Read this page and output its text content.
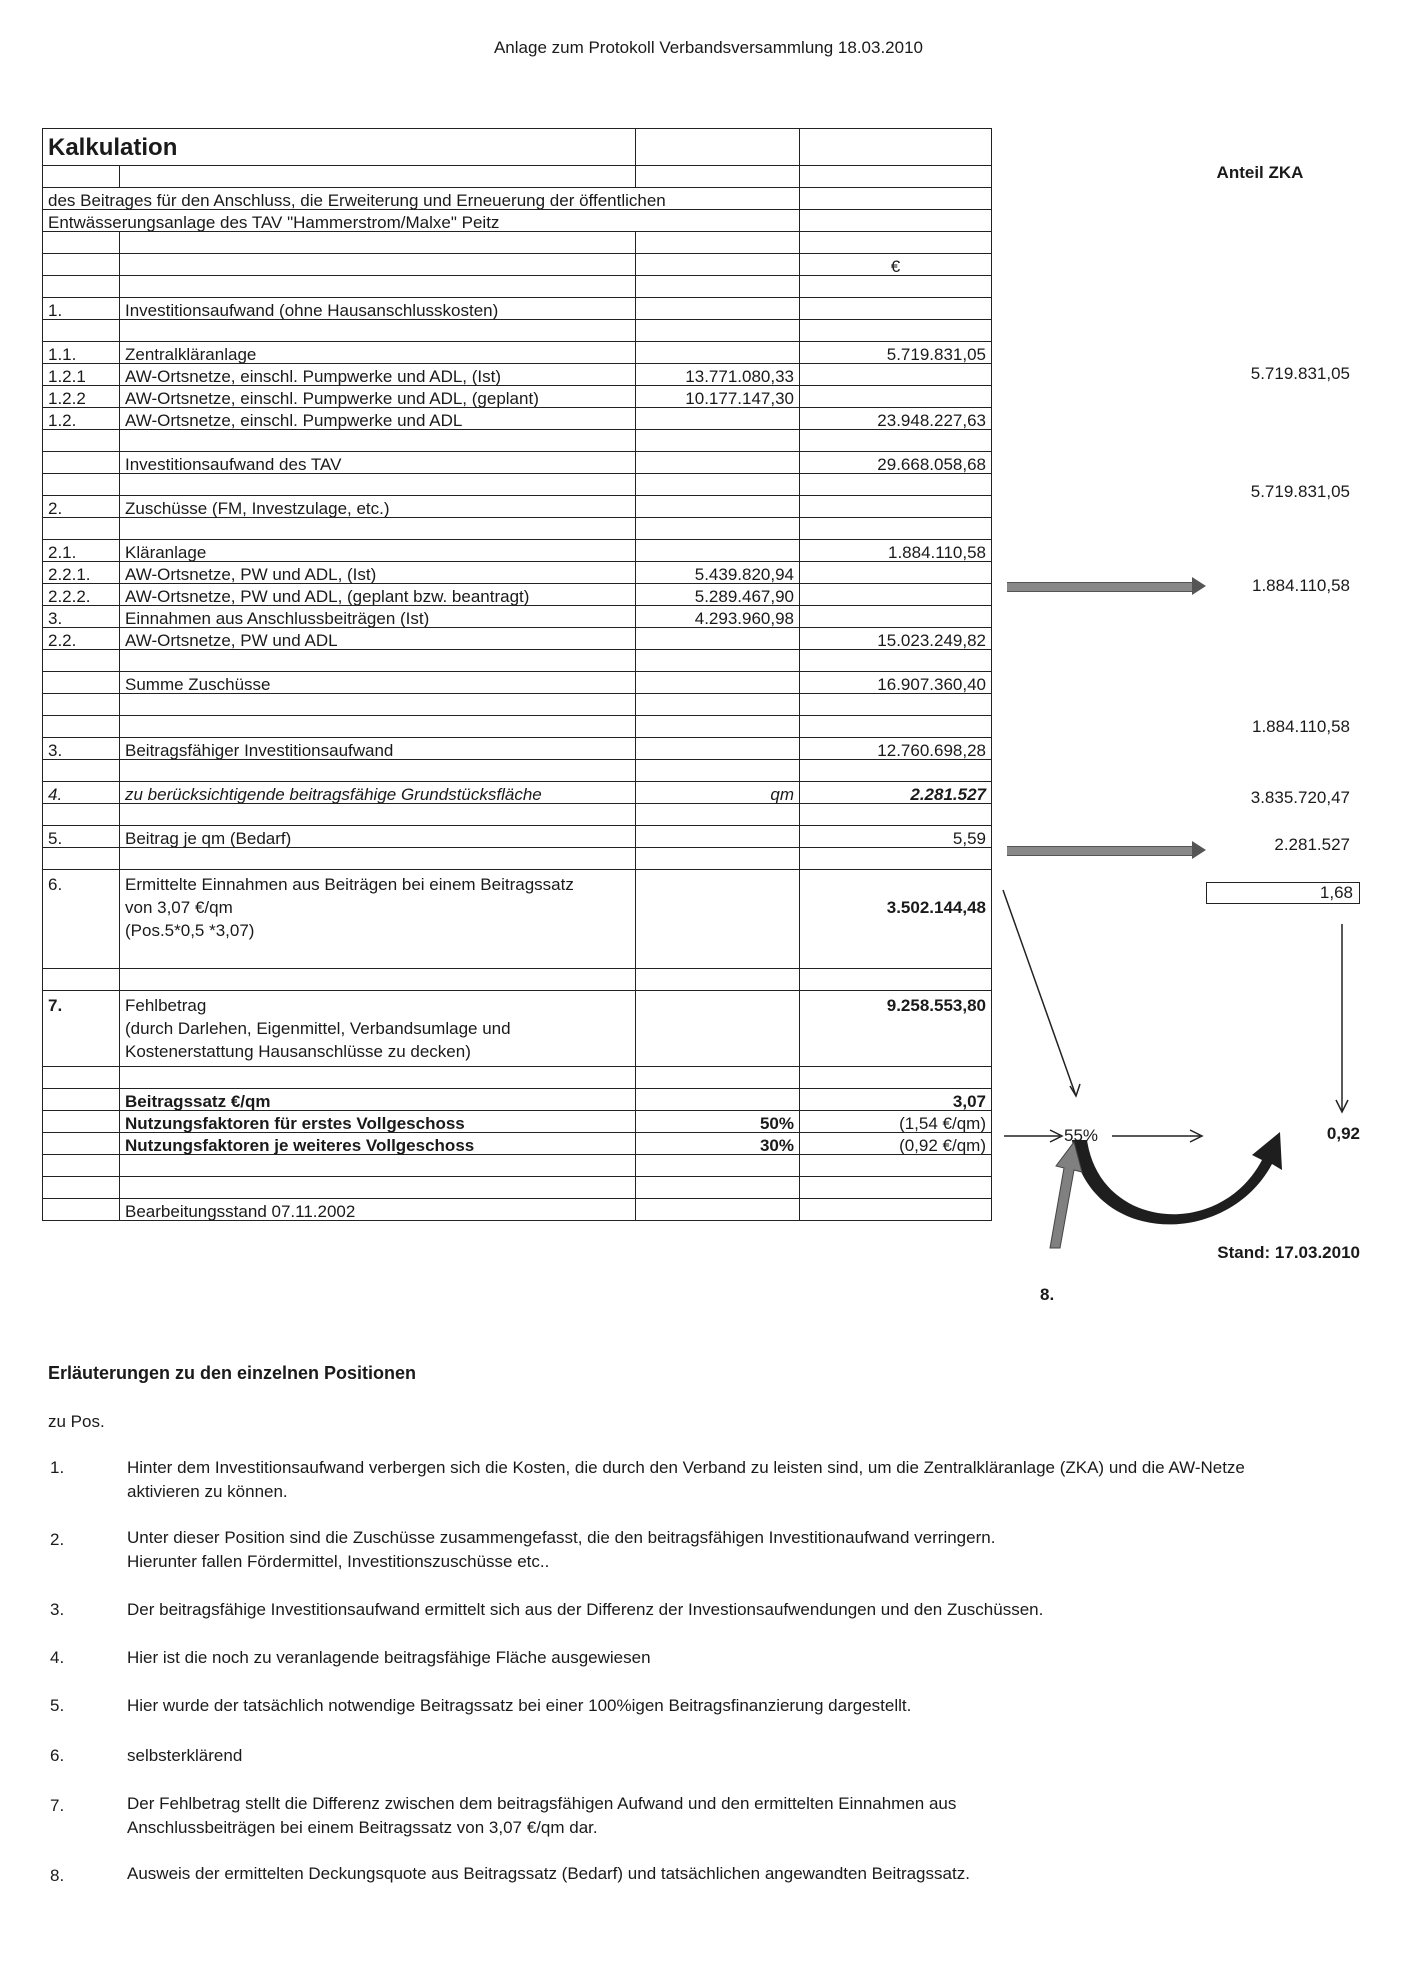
Anlage zum Protokoll Verbandsversammlung 18.03.2010
Kalkulation			

des Beitrages für den Anschluss, die Erweiterung und Erneuerung der öffentlichen			
Entwässerungsanlage des TAV "Hammerstrom/Malxe" Peitz			

			€

1.	Investitionsaufwand (ohne Hausanschlusskosten)		

1.1.	Zentralkläranlage		5.719.831,05
1.2.1	AW-Ortsnetze, einschl. Pumpwerke und ADL, (Ist)	13.771.080,33	
1.2.2	AW-Ortsnetze, einschl. Pumpwerke und ADL, (geplant)	10.177.147,30	
1.2.	AW-Ortsnetze, einschl. Pumpwerke und ADL		23.948.227,63

	Investitionsaufwand des TAV		29.668.058,68

2.	Zuschüsse (FM, Investzulage, etc.)		

2.1.	Kläranlage		1.884.110,58
2.2.1.	AW-Ortsnetze, PW und ADL, (Ist)	5.439.820,94	
2.2.2.	AW-Ortsnetze, PW und ADL, (geplant bzw. beantragt)	5.289.467,90	
3.	Einnahmen aus Anschlussbeiträgen (Ist)	4.293.960,98	
2.2.	AW-Ortsnetze, PW und ADL		15.023.249,82

	Summe Zuschüsse		16.907.360,40

3.	Beitragsfähiger Investitionsaufwand		12.760.698,28

4.	zu berücksichtigende beitragsfähige Grundstücksfläche	qm	2.281.527

5.	Beitrag je qm (Bedarf)		5,59

6.	Ermittelte Einnahmen aus Beiträgen bei einem Beitragssatz
von 3,07 €/qm
(Pos.5*0,5 *3,07)		3.502.144,48

7.	Fehlbetrag
(durch Darlehen, Eigenmittel, Verbandsumlage und
Kostenerstattung Hausanschlüsse zu decken)		9.258.553,80

	Beitragssatz €/qm		3,07
	Nutzungsfaktoren für erstes Vollgeschoss	50%	(1,54 €/qm)
	Nutzungsfaktoren je weiteres Vollgeschoss	30%	(0,92 €/qm)

	Bearbeitungsstand 07.11.2002		
Anteil ZKA
5.719.831,05
5.719.831,05
1.884.110,58
1.884.110,58
3.835.720,47
2.281.527
1,68
55%	0,92
Stand: 17.03.2010
8.
Erläuterungen zu den einzelnen Positionen
zu Pos.
1.	Hinter dem Investitionsaufwand verbergen sich die Kosten, die durch den Verband zu leisten sind, um die Zentralkläranlage (ZKA) und die AW-Netze aktivieren zu können.
2.	Unter dieser Position sind die Zuschüsse zusammengefasst, die den beitragsfähigen Investitionaufwand verringern. Hierunter fallen Fördermittel, Investitionszuschüsse etc..
3.	Der beitragsfähige Investitionsaufwand ermittelt sich aus der Differenz der Investionsaufwendungen und den Zuschüssen.
4.	Hier ist die noch zu veranlagende beitragsfähige Fläche ausgewiesen
5.	Hier wurde der tatsächlich notwendige Beitragssatz bei einer 100%igen Beitragsfinanzierung dargestellt.
6.	selbsterklärend
7.	Der Fehlbetrag stellt die Differenz zwischen dem beitragsfähigen Aufwand und den ermittelten Einnahmen aus Anschlussbeiträgen bei einem Beitragssatz von 3,07 €/qm dar.
8.	Ausweis der ermittelten Deckungsquote aus Beitragssatz (Bedarf) und tatsächlichen angewandten Beitragssatz.
